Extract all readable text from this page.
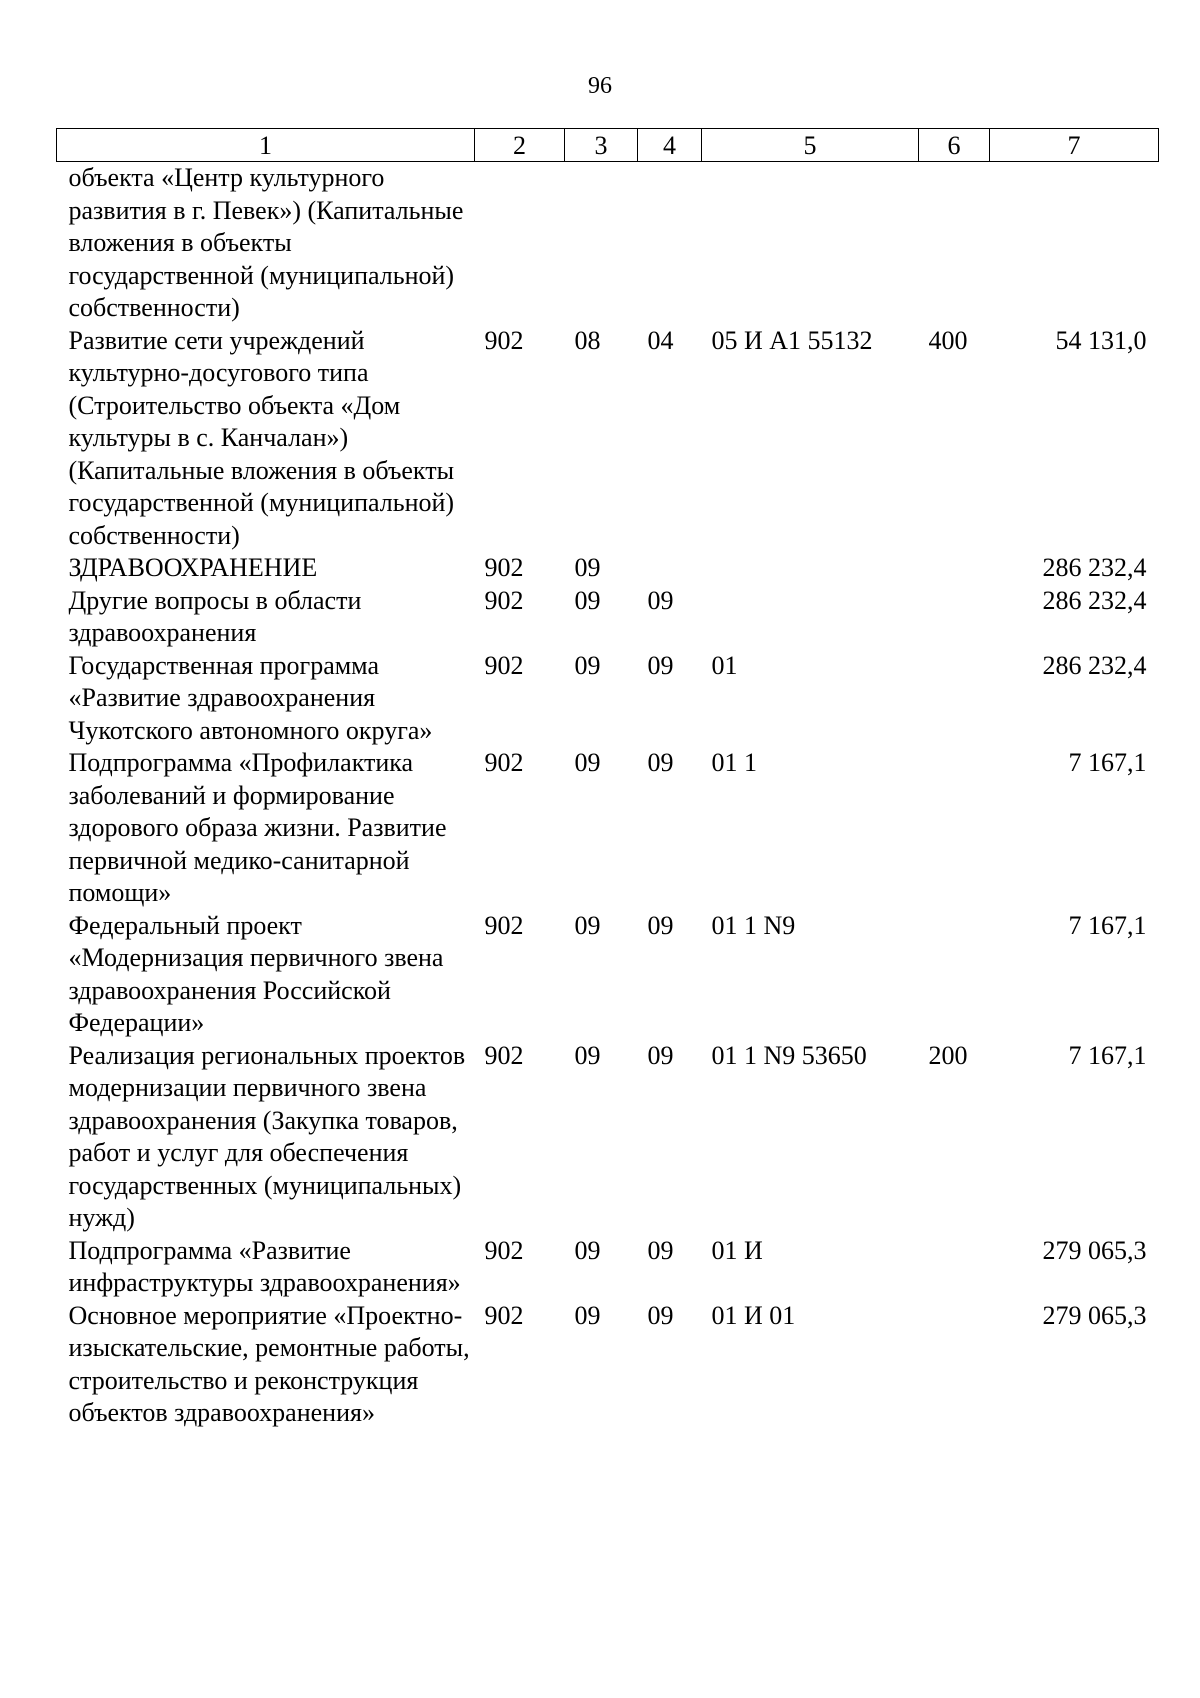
96
1	2	3	4	5	6	7
объекта «Центр культурного развития в г. Певек») (Капитальные вложения в объекты государственной (муниципальной) собственности)						
Развитие сети учреждений культурно-досугового типа (Строительство объекта «Дом культуры в с. Канчалан») (Капитальные вложения в объекты государственной (муниципальной) собственности)	902	08	04	05 И А1 55132	400	54 131,0
ЗДРАВООХРАНЕНИЕ	902	09				286 232,4
Другие вопросы в области здравоохранения	902	09	09			286 232,4
Государственная программа «Развитие здравоохранения Чукотского автономного округа»	902	09	09	01		286 232,4
Подпрограмма «Профилактика заболеваний и формирование здорового образа жизни. Развитие первичной медико-санитарной помощи»	902	09	09	01 1		7 167,1
Федеральный проект «Модернизация первичного звена здравоохранения Российской Федерации»	902	09	09	01 1 N9		7 167,1
Реализация региональных проектов модернизации первичного звена здравоохранения (Закупка товаров, работ и услуг для обеспечения государственных (муниципальных) нужд)	902	09	09	01 1 N9 53650	200	7 167,1
Подпрограмма «Развитие инфраструктуры здравоохранения»	902	09	09	01 И		279 065,3
Основное мероприятие «Проектно-изыскательские, ремонтные работы, строительство и реконструкция объектов здравоохранения»	902	09	09	01 И 01		279 065,3
